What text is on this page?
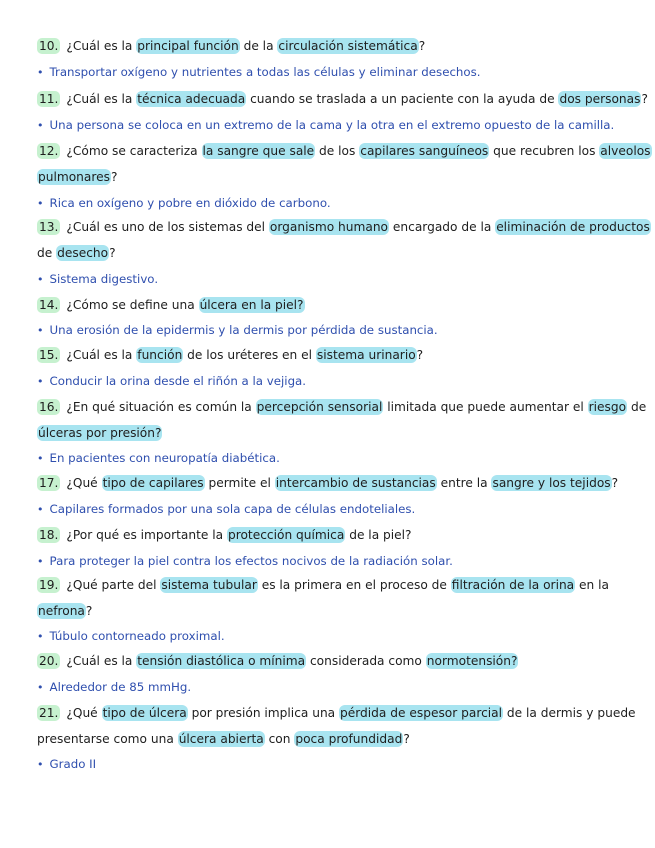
10. ¿Cuál es la principal función de la circulación sistemática?
• Transportar oxígeno y nutrientes a todas las células y eliminar desechos.
11. ¿Cuál es la técnica adecuada cuando se traslada a un paciente con la ayuda de dos personas?
• Una persona se coloca en un extremo de la cama y la otra en el extremo opuesto de la camilla.
12. ¿Cómo se caracteriza la sangre que sale de los capilares sanguíneos que recubren los alveolos
pulmonares?
• Rica en oxígeno y pobre en dióxido de carbono.
13. ¿Cuál es uno de los sistemas del organismo humano encargado de la eliminación de productos
de desecho?
• Sistema digestivo.
14. ¿Cómo se define una úlcera en la piel?
• Una erosión de la epidermis y la dermis por pérdida de sustancia.
15. ¿Cuál es la función de los uréteres en el sistema urinario?
• Conducir la orina desde el riñón a la vejiga.
16. ¿En qué situación es común la percepción sensorial limitada que puede aumentar el riesgo de
úlceras por presión?
• En pacientes con neuropatía diabética.
17. ¿Qué tipo de capilares permite el intercambio de sustancias entre la sangre y los tejidos?
• Capilares formados por una sola capa de células endoteliales.
18. ¿Por qué es importante la protección química de la piel?
• Para proteger la piel contra los efectos nocivos de la radiación solar.
19. ¿Qué parte del sistema tubular es la primera en el proceso de filtración de la orina en la
nefrona?
• Túbulo contorneado proximal.
20. ¿Cuál es la tensión diastólica o mínima considerada como normotensión?
• Alrededor de 85 mmHg.
21. ¿Qué tipo de úlcera por presión implica una pérdida de espesor parcial de la dermis y puede
presentarse como una úlcera abierta con poca profundidad?
• Grado II
